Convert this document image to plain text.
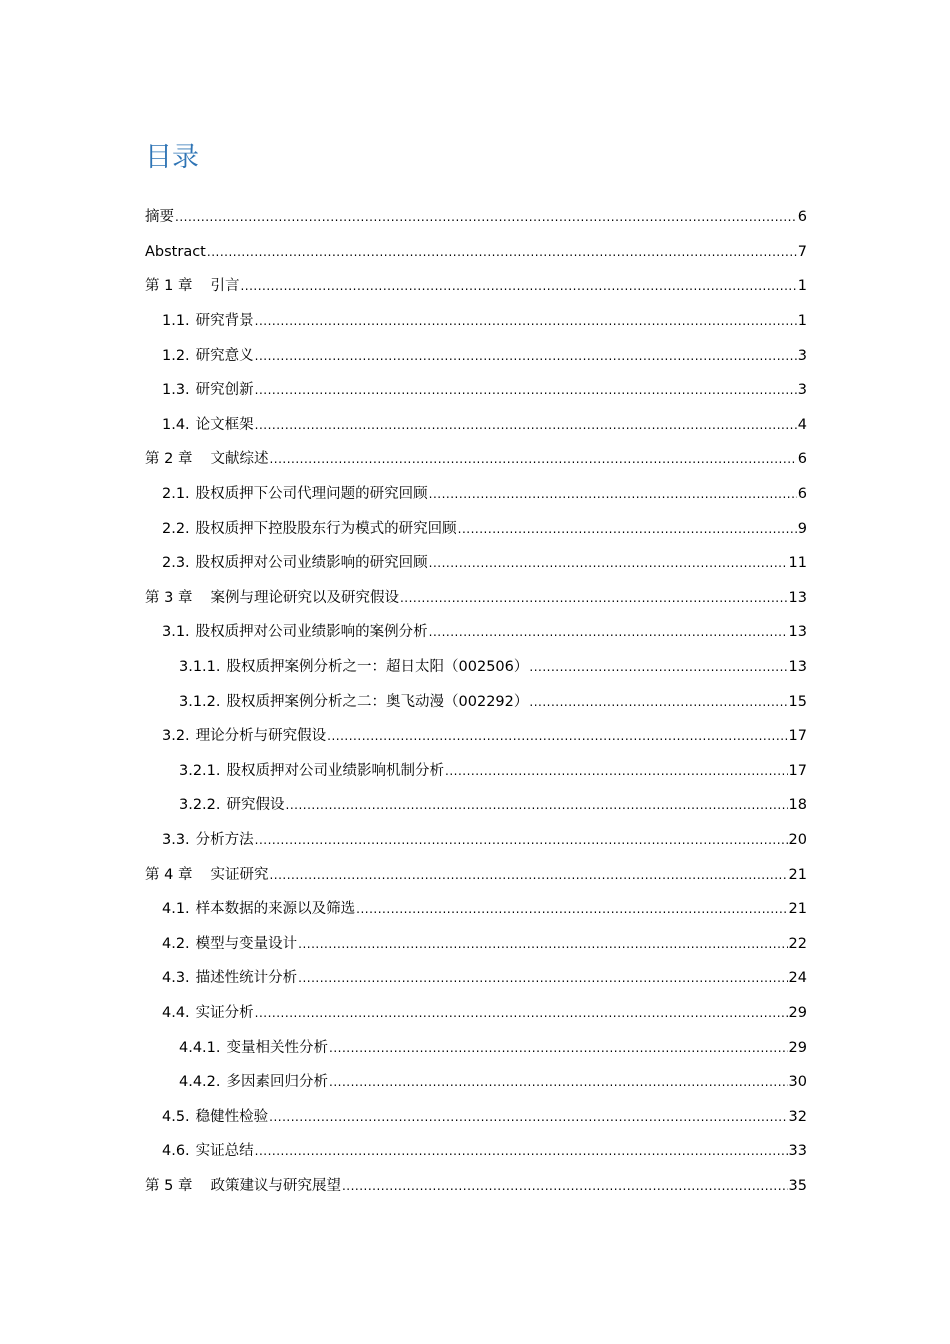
目录
摘要 .....	6
Abstract .....	7
第 1 章 引言 .....	1
1.1. 研究背景 .....	1
1.2. 研究意义 .....	3
1.3. 研究创新 .....	3
1.4. 论文框架 .....	4
第 2 章 文献综述 .....	6
2.1. 股权质押下公司代理问题的研究回顾 .....	6
2.2. 股权质押下控股股东行为模式的研究回顾 .....	9
2.3. 股权质押对公司业绩影响的研究回顾 .....	11
第 3 章 案例与理论研究以及研究假设 .....	13
3.1. 股权质押对公司业绩影响的案例分析 .....	13
3.1.1. 股权质押案例分析之一：超日太阳（002506） .....	13
3.1.2. 股权质押案例分析之二：奥飞动漫（002292） .....	15
3.2. 理论分析与研究假设 .....	17
3.2.1. 股权质押对公司业绩影响机制分析 .....	17
3.2.2. 研究假设 .....	18
3.3. 分析方法 .....	20
第 4 章 实证研究 .....	21
4.1. 样本数据的来源以及筛选 .....	21
4.2. 模型与变量设计 .....	22
4.3. 描述性统计分析 .....	24
4.4. 实证分析 .....	29
4.4.1. 变量相关性分析 .....	29
4.4.2. 多因素回归分析 .....	30
4.5. 稳健性检验 .....	32
4.6. 实证总结 .....	33
第 5 章 政策建议与研究展望 .....	35
